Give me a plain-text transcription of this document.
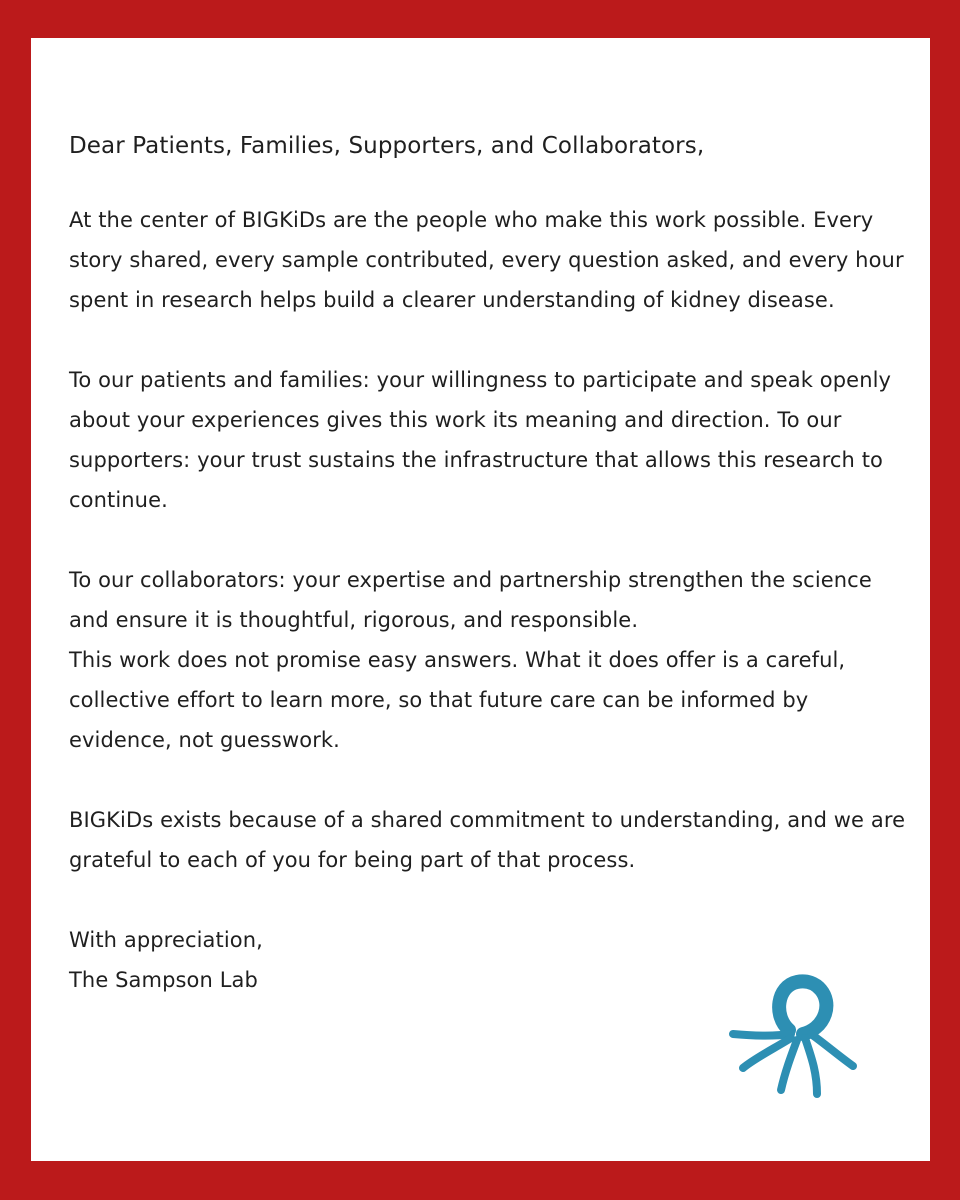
Dear Patients, Families, Supporters, and Collaborators,

At the center of BIGKiDs are the people who make this work possible. Every story shared, every sample contributed, every question asked, and every hour spent in research helps build a clearer understanding of kidney disease.

To our patients and families: your willingness to participate and speak openly about your experiences gives this work its meaning and direction. To our supporters: your trust sustains the infrastructure that allows this research to continue.

To our collaborators: your expertise and partnership strengthen the science and ensure it is thoughtful, rigorous, and responsible.

This work does not promise easy answers. What it does offer is a careful, collective effort to learn more, so that future care can be informed by evidence, not guesswork.

BIGKiDs exists because of a shared commitment to understanding, and we are grateful to each of you for being part of that process.

With appreciation,

The Sampson Lab
